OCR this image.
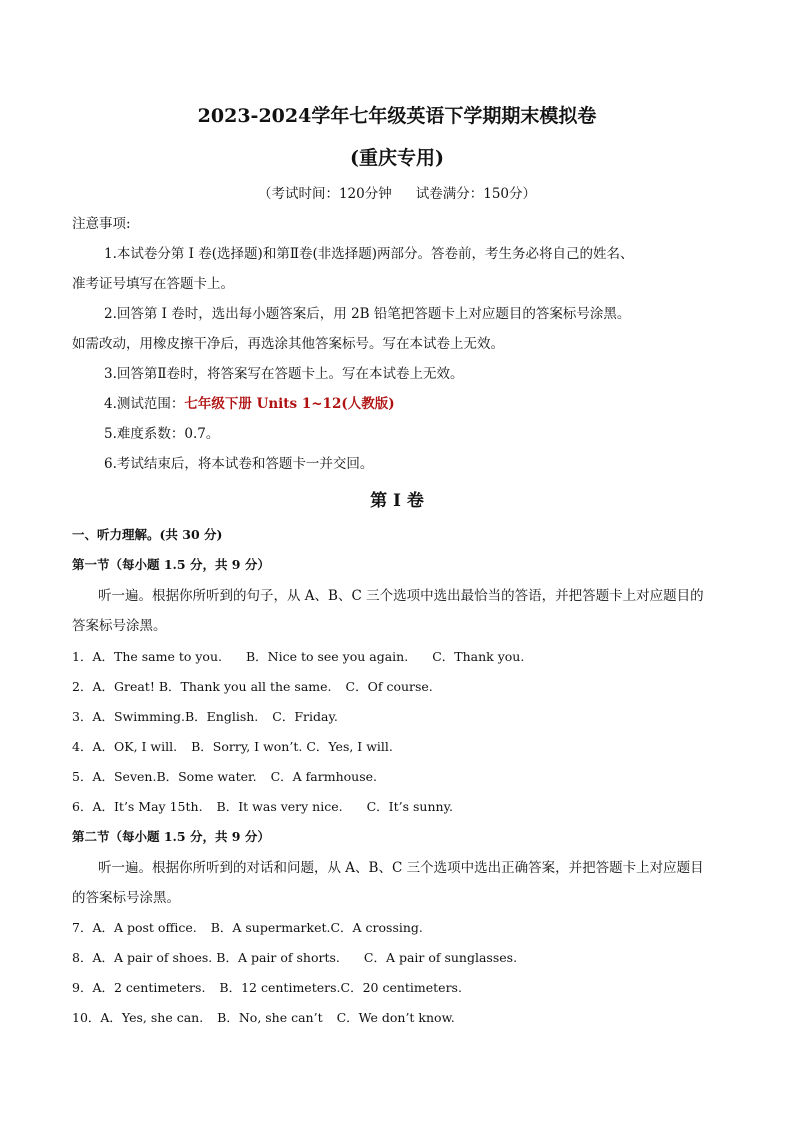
2023-2024学年七年级英语下学期期末模拟卷
(重庆专用)
（考试时间：120分钟 试卷满分：150分）
注意事项:
1.本试卷分第 I 卷(选择题)和第Ⅱ卷(非选择题)两部分。答卷前，考生务必将自己的姓名、
准考证号填写在答题卡上。
2.回答第 I 卷时，选出每小题答案后，用 2B 铅笔把答题卡上对应题目的答案标号涂黑。
如需改动，用橡皮擦干净后，再选涂其他答案标号。写在本试卷上无效。
3.回答第Ⅱ卷时，将答案写在答题卡上。写在本试卷上无效。
4.测试范围：七年级下册 Units 1~12(人教版)
5.难度系数：0.7。
6.考试结束后，将本试卷和答题卡一并交回。
第 I 卷
一、听力理解。(共 30 分)
第一节（每小题 1.5 分，共 9 分）
听一遍。根据你所听到的句子，从 A、B、C 三个选项中选出最恰当的答语，并把答题卡上对应题目的
答案标号涂黑。
1．A．The same to you. B．Nice to see you again. C．Thank you.
2．A．Great! B．Thank you all the same. C．Of course.
3．A．Swimming.B．English. C．Friday.
4．A．OK, I will. B．Sorry, I won’t. C．Yes, I will.
5．A．Seven.B．Some water. C．A farmhouse.
6．A．It’s May 15th. B．It was very nice. C．It’s sunny.
第二节（每小题 1.5 分，共 9 分）
听一遍。根据你所听到的对话和问题，从 A、B、C 三个选项中选出正确答案，并把答题卡上对应题目
的答案标号涂黑。
7．A．A post office. B．A supermarket.C．A crossing.
8．A．A pair of shoes. B．A pair of shorts. C．A pair of sunglasses.
9．A．2 centimeters. B．12 centimeters.C．20 centimeters.
10．A．Yes, she can. B．No, she can’t C．We don’t know.
